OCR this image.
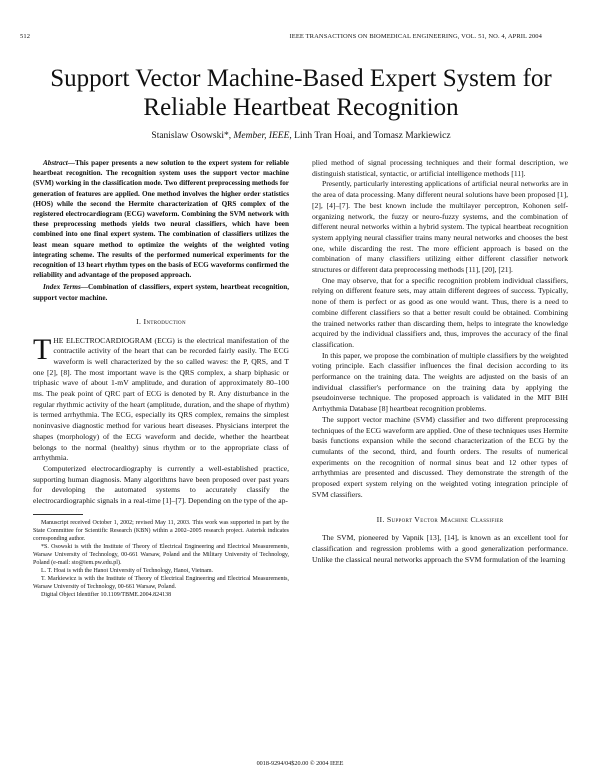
512	IEEE TRANSACTIONS ON BIOMEDICAL ENGINEERING, VOL. 51, NO. 4, APRIL 2004
Support Vector Machine-Based Expert System for
Reliable Heartbeat Recognition
Stanislaw Osowski*, Member, IEEE, Linh Tran Hoai, and Tomasz Markiewicz

Abstract—This paper presents a new solution to the expert system for reliable heartbeat recognition. The recognition system uses the support vector machine (SVM) working in the classification mode. Two different preprocessing methods for generation of features are applied. One method involves the higher order statistics (HOS) while the second the Hermite characterization of QRS complex of the registered electrocardiogram (ECG) waveform. Combining the SVM network with these preprocessing methods yields two neural classifiers, which have been combined into one final expert system. The combination of classifiers utilizes the least mean square method to optimize the weights of the weighted voting integrating scheme. The results of the performed numerical experiments for the recognition of 13 heart rhythm types on the basis of ECG waveforms confirmed the reliability and advantage of the proposed approach.

Index Terms—Combination of classifiers, expert system, heartbeat recognition, support vector machine.

I. Introduction

THE ELECTROCARDIOGRAM (ECG) is the electrical manifestation of the contractile activity of the heart that can be recorded fairly easily. The ECG waveform is well characterized by the so called waves: the P, QRS, and T one [2], [8]. The most important wave is the QRS complex, a sharp biphasic or triphasic wave of about 1-mV amplitude, and duration of approximately 80–100 ms. The peak point of QRC part of ECG is denoted by R. Any disturbance in the regular rhythmic activity of the heart (amplitude, duration, and the shape of rhythm) is termed arrhythmia. The ECG, especially its QRS complex, remains the simplest noninvasive diagnostic method for various heart diseases. Physicians interpret the shapes (morphology) of the ECG waveform and decide, whether the heartbeat belongs to the normal (healthy) sinus rhythm or to the appropriate class of arrhythmia.

Computerized electrocardiography is currently a well-established practice, supporting human diagnosis. Many algorithms have been proposed over past years for developing the automated systems to accurately classify the electrocardiographic signals in a real-time [1]–[7]. Depending on the type of the ap-

Manuscript received October 1, 2002; revised May 11, 2003. This work was supported in part by the State Committee for Scientific Research (KBN) within a 2002–2005 research project. Asterisk indicates corresponding author.

*S. Osowski is with the Institute of Theory of Electrical Engineering and Electrical Measurements, Warsaw University of Technology, 00-661 Warsaw, Poland and the Military University of Technology, Poland (e-mail: sto@iem.pw.edu.pl).

L. T. Hoai is with the Hanoi University of Technology, Hanoi, Vietnam.

T. Markiewicz is with the Institute of Theory of Electrical Engineering and Electrical Measurements, Warsaw University of Technology, 00-661 Warsaw, Poland.

Digital Object Identifier 10.1109/TBME.2004.824138

plied method of signal processing techniques and their formal description, we distinguish statistical, syntactic, or artificial intelligence methods [11].

Presently, particularly interesting applications of artificial neural networks are in the area of data processing. Many different neural solutions have been proposed [1], [2], [4]–[7]. The best known include the multilayer perceptron, Kohonen self-organizing network, the fuzzy or neuro-fuzzy systems, and the combination of different neural networks within a hybrid system. The typical heartbeat recognition system applying neural classifier trains many neural networks and chooses the best one, while discarding the rest. The more efficient approach is based on the combination of many classifiers utilizing either different classifier network structures or different data preprocessing methods [11], [20], [21].

One may observe, that for a specific recognition problem individual classifiers, relying on different feature sets, may attain different degrees of success. Typically, none of them is perfect or as good as one would want. Thus, there is a need to combine different classifiers so that a better result could be obtained. Combining the trained networks rather than discarding them, helps to integrate the knowledge acquired by the individual classifiers and, thus, improves the accuracy of the final classification.

In this paper, we propose the combination of multiple classifiers by the weighted voting principle. Each classifier influences the final decision according to its performance on the training data. The weights are adjusted on the basis of an individual classifier's performance on the training data by applying the pseudoinverse technique. The proposed approach is validated in the MIT BIH Arrhythmia Database [8] heartbeat recognition problems.

The support vector machine (SVM) classifier and two different preprocessing techniques of the ECG waveform are applied. One of these techniques uses Hermite basis functions expansion while the second characterization of the ECG by the cumulants of the second, third, and fourth orders. The results of numerical experiments on the recognition of normal sinus beat and 12 other types of arrhythmias are presented and discussed. They demonstrate the strength of the proposed expert system relying on the weighted voting integration principle of SVM classifiers.

II. Support Vector Machine Classifier

The SVM, pioneered by Vapnik [13], [14], is known as an excellent tool for classification and regression problems with a good generalization performance. Unlike the classical neural networks approach the SVM formulation of the learning

0018-9294/04$20.00 © 2004 IEEE
